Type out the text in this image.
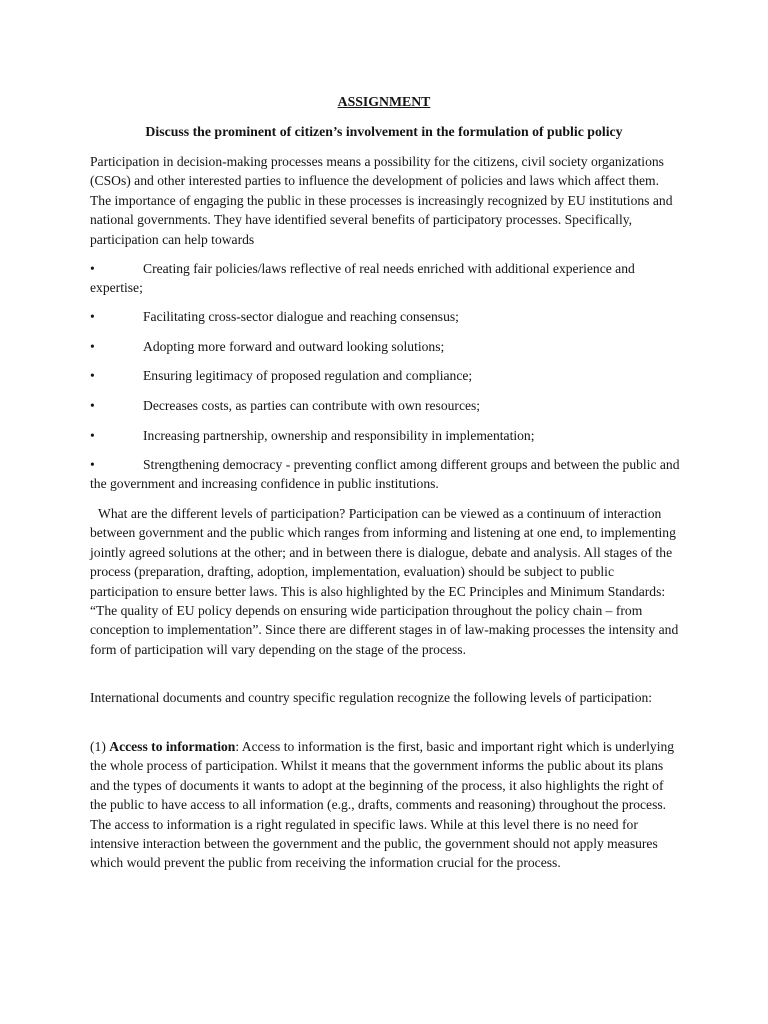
ASSIGNMENT
Discuss the prominent of citizen’s involvement in the formulation of public policy

Participation in decision-making processes means a possibility for the citizens, civil society organizations (CSOs) and other interested parties to influence the development of policies and laws which affect them. The importance of engaging the public in these processes is increasingly recognized by EU institutions and national governments. They have identified several benefits of participatory processes. Specifically, participation can help towards

•	Creating fair policies/laws reflective of real needs enriched with additional experience and expertise;

•	Facilitating cross-sector dialogue and reaching consensus;

•	Adopting more forward and outward looking solutions;

•	Ensuring legitimacy of proposed regulation and compliance;

•	Decreases costs, as parties can contribute with own resources;

•	Increasing partnership, ownership and responsibility in implementation;

•	Strengthening democracy - preventing conflict among different groups and between the public and the government and increasing confidence in public institutions.

What are the different levels of participation? Participation can be viewed as a continuum of interaction between government and the public which ranges from informing and listening at one end, to implementing jointly agreed solutions at the other; and in between there is dialogue, debate and analysis. All stages of the process (preparation, drafting, adoption, implementation, evaluation) should be subject to public participation to ensure better laws. This is also highlighted by the EC Principles and Minimum Standards: “The quality of EU policy depends on ensuring wide participation throughout the policy chain – from conception to implementation”. Since there are different stages in of law-making processes the intensity and form of participation will vary depending on the stage of the process.

International documents and country specific regulation recognize the following levels of participation:

(1) Access to information: Access to information is the first, basic and important right which is underlying the whole process of participation. Whilst it means that the government informs the public about its plans and the types of documents it wants to adopt at the beginning of the process, it also highlights the right of the public to have access to all information (e.g., drafts, comments and reasoning) throughout the process. The access to information is a right regulated in specific laws. While at this level there is no need for intensive interaction between the government and the public, the government should not apply measures which would prevent the public from receiving the information crucial for the process.
